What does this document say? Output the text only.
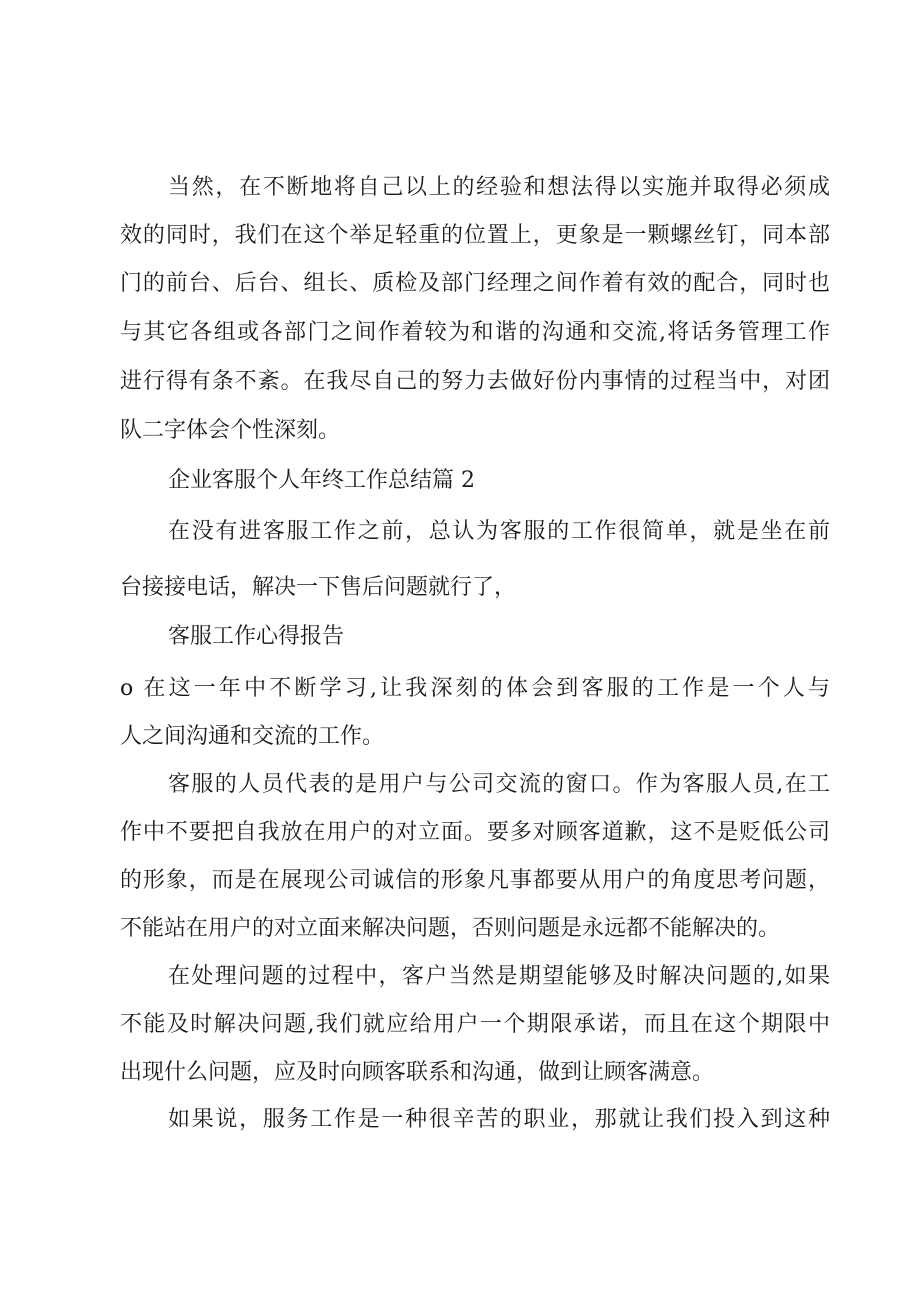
当然，在不断地将自己以上的经验和想法得以实施并取得必须成
效的同时，我们在这个举足轻重的位置上，更象是一颗螺丝钉，同本部
门的前台、后台、组长、质检及部门经理之间作着有效的配合，同时也
与其它各组或各部门之间作着较为和谐的沟通和交流,将话务管理工作
进行得有条不紊。在我尽自己的努力去做好份内事情的过程当中，对团
队二字体会个性深刻。
企业客服个人年终工作总结篇 2
在没有进客服工作之前，总认为客服的工作很简单，就是坐在前
台接接电话，解决一下售后问题就行了，
客服工作心得报告
o 在这一年中不断学习,让我深刻的体会到客服的工作是一个人与
人之间沟通和交流的工作。
客服的人员代表的是用户与公司交流的窗口。作为客服人员,在工
作中不要把自我放在用户的对立面。要多对顾客道歉，这不是贬低公司
的形象，而是在展现公司诚信的形象凡事都要从用户的角度思考问题，
不能站在用户的对立面来解决问题，否则问题是永远都不能解决的。
在处理问题的过程中，客户当然是期望能够及时解决问题的,如果
不能及时解决问题,我们就应给用户一个期限承诺，而且在这个期限中
出现什么问题，应及时向顾客联系和沟通，做到让顾客满意。
如果说，服务工作是一种很辛苦的职业，那就让我们投入到这种
